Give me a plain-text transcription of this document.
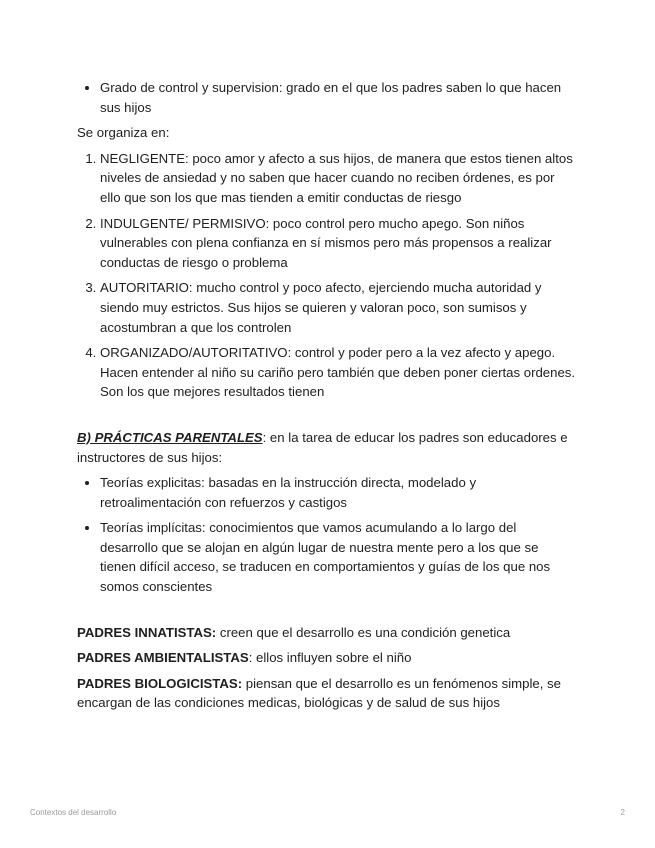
• Grado de control y supervision: grado en el que los padres saben lo que hacen sus hijos

Se organiza en:

1. NEGLIGENTE: poco amor y afecto a sus hijos, de manera que estos tienen altos niveles de ansiedad y no saben que hacer cuando no reciben órdenes, es por ello que son los que mas tienden a emitir conductas de riesgo
2. INDULGENTE/ PERMISIVO: poco control pero mucho apego. Son niños vulnerables con plena confianza en sí mismos pero más propensos a realizar conductas de riesgo o problema
3. AUTORITARIO: mucho control y poco afecto, ejerciendo mucha autoridad y siendo muy estrictos. Sus hijos se quieren y valoran poco, son sumisos y acostumbran a que los controlen
4. ORGANIZADO/AUTORITATIVO: control y poder pero a la vez afecto y apego. Hacen entender al niño su cariño pero también que deben poner ciertas ordenes. Son los que mejores resultados tienen

B) PRÁCTICAS PARENTALES: en la tarea de educar los padres son educadores e instructores de sus hijos:

• Teorías explicitas: basadas en la instrucción directa, modelado y retroalimentación con refuerzos y castigos
• Teorías implícitas: conocimientos que vamos acumulando a lo largo del desarrollo que se alojan en algún lugar de nuestra mente pero a los que se tienen difícil acceso, se traducen en comportamientos y guías de los que nos somos conscientes

PADRES INNATISTAS: creen que el desarrollo es una condición genetica

PADRES AMBIENTALISTAS: ellos influyen sobre el niño

PADRES BIOLOGICISTAS: piensan que el desarrollo es un fenómenos simple, se encargan de las condiciones medicas, biológicas y de salud de sus hijos

Contextos del desarrollo	2
